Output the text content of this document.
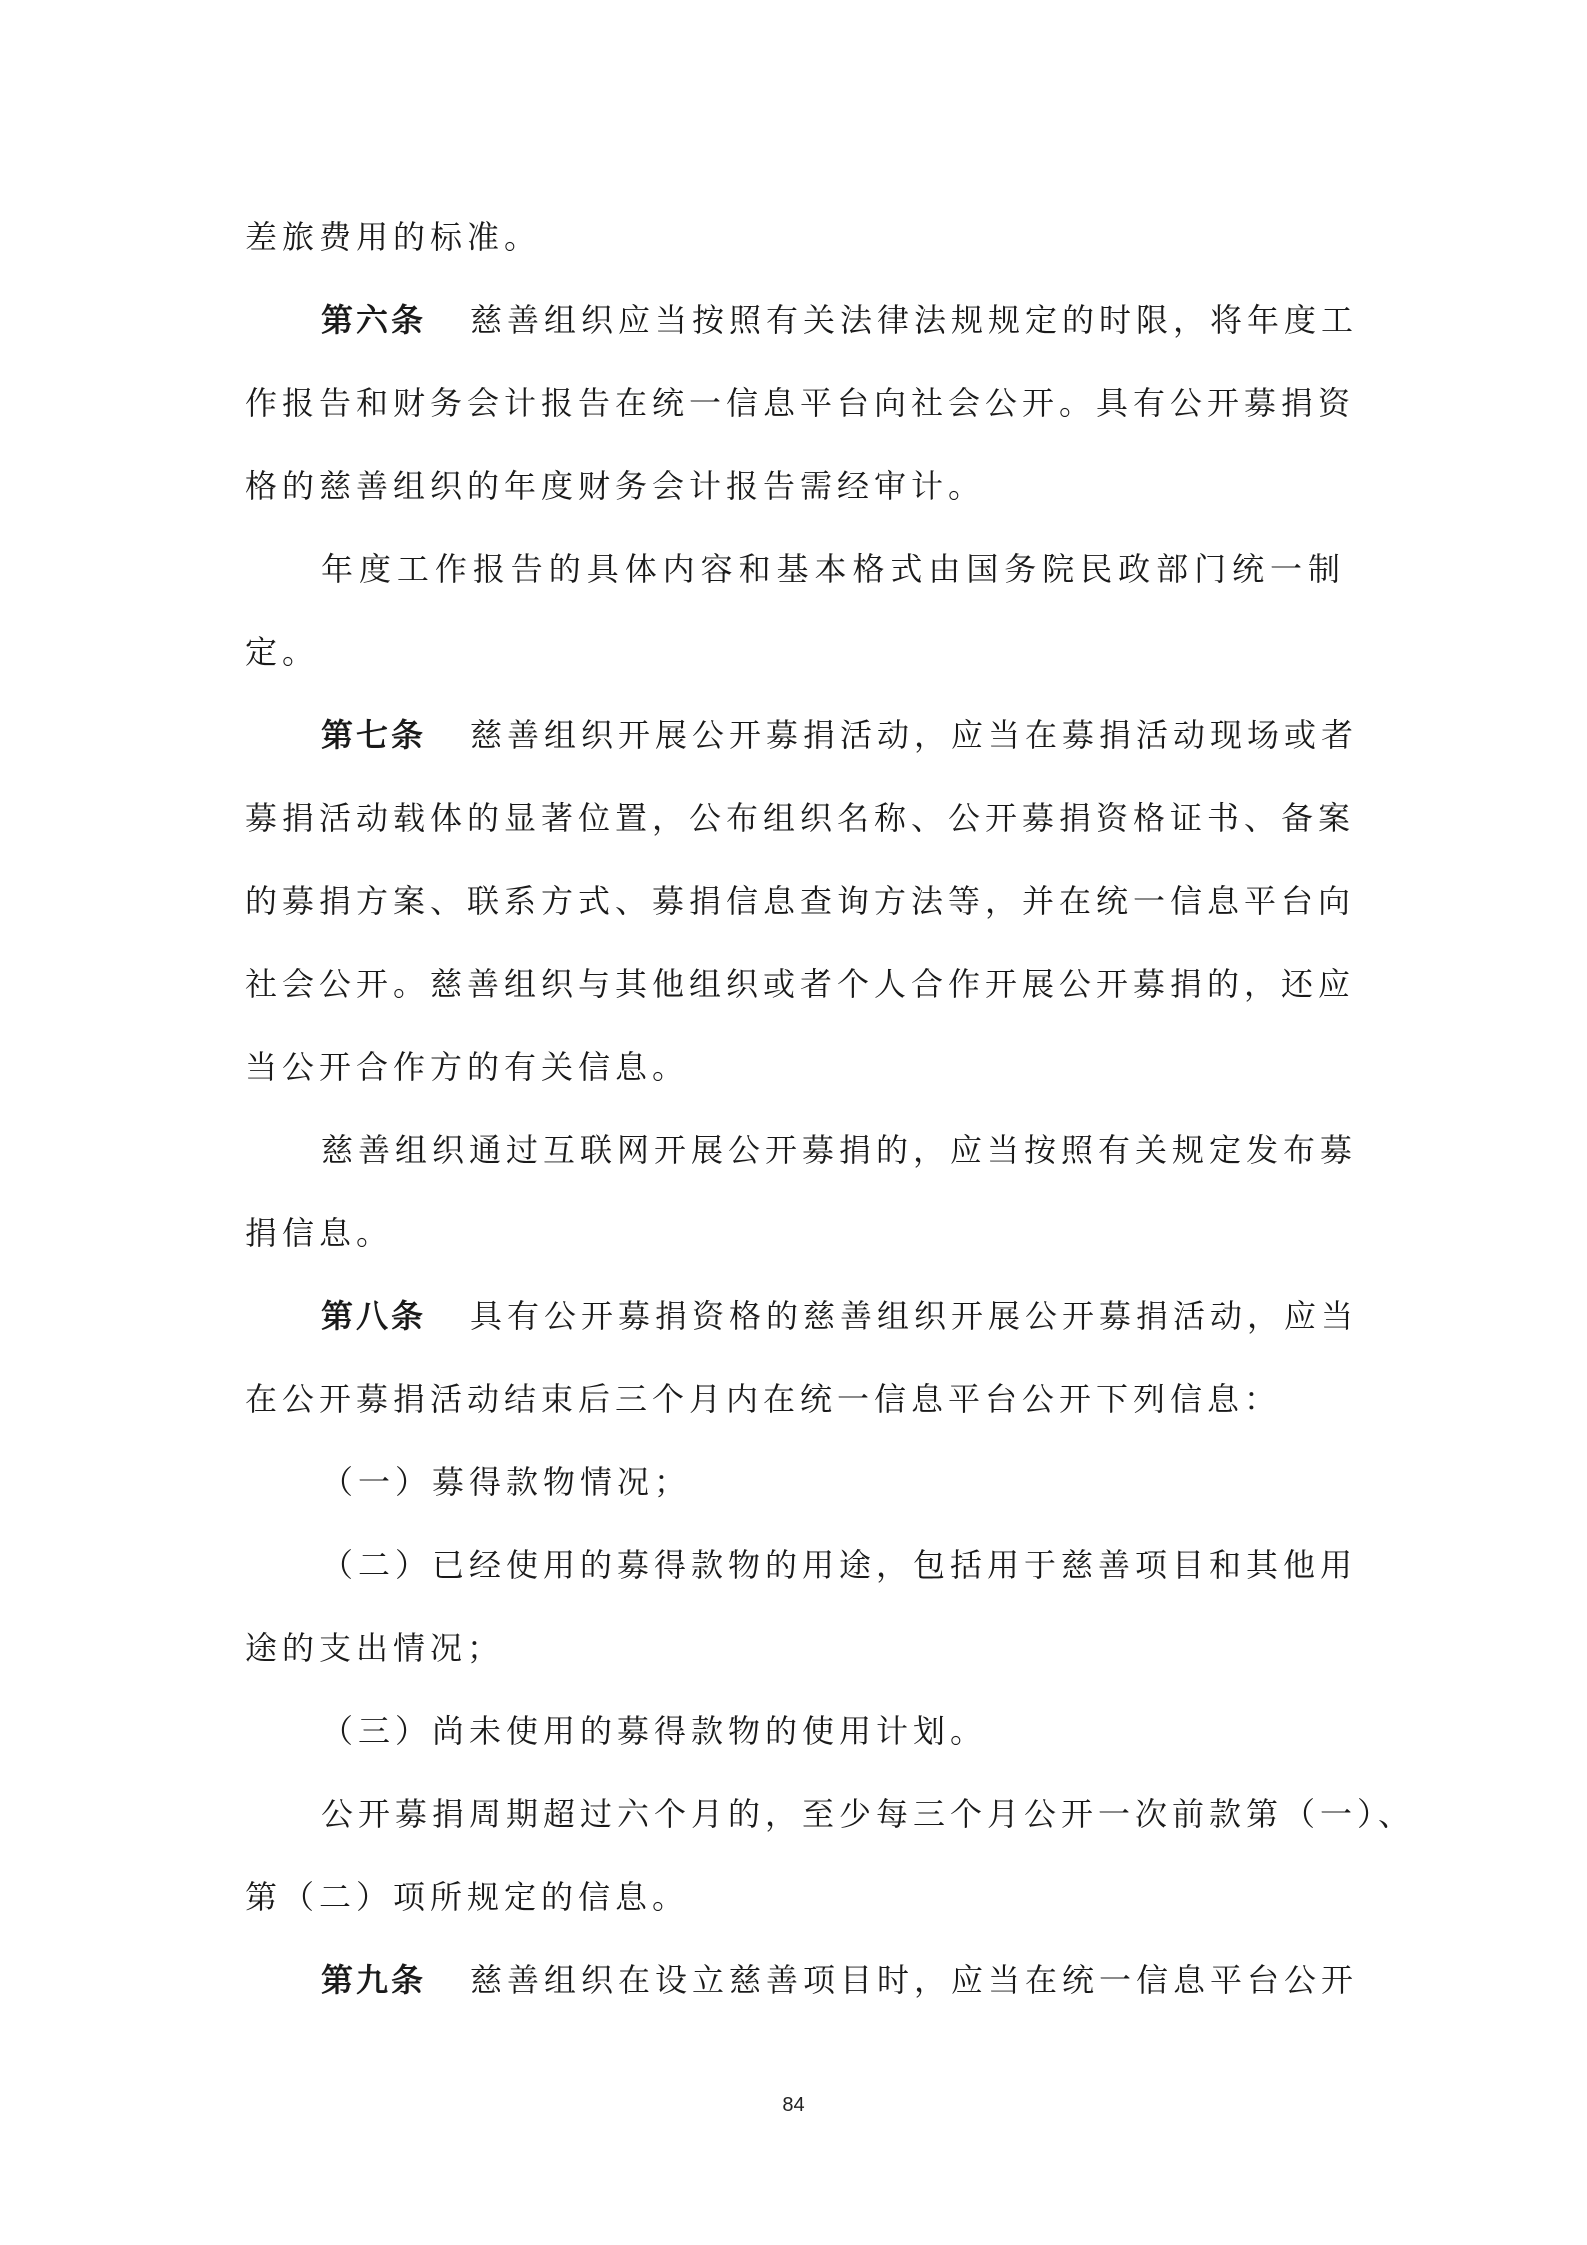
差旅费用的标准。
第六条 慈善组织应当按照有关法律法规规定的时限，将年度工
作报告和财务会计报告在统一信息平台向社会公开。具有公开募捐资
格的慈善组织的年度财务会计报告需经审计。
年度工作报告的具体内容和基本格式由国务院民政部门统一制
定。
第七条 慈善组织开展公开募捐活动，应当在募捐活动现场或者
募捐活动载体的显著位置，公布组织名称、公开募捐资格证书、备案
的募捐方案、联系方式、募捐信息查询方法等，并在统一信息平台向
社会公开。慈善组织与其他组织或者个人合作开展公开募捐的，还应
当公开合作方的有关信息。
慈善组织通过互联网开展公开募捐的，应当按照有关规定发布募
捐信息。
第八条 具有公开募捐资格的慈善组织开展公开募捐活动，应当
在公开募捐活动结束后三个月内在统一信息平台公开下列信息：
（一）募得款物情况；
（二）已经使用的募得款物的用途，包括用于慈善项目和其他用
途的支出情况；
（三）尚未使用的募得款物的使用计划。
公开募捐周期超过六个月的，至少每三个月公开一次前款第（一）、
第（二）项所规定的信息。
第九条 慈善组织在设立慈善项目时，应当在统一信息平台公开
84
